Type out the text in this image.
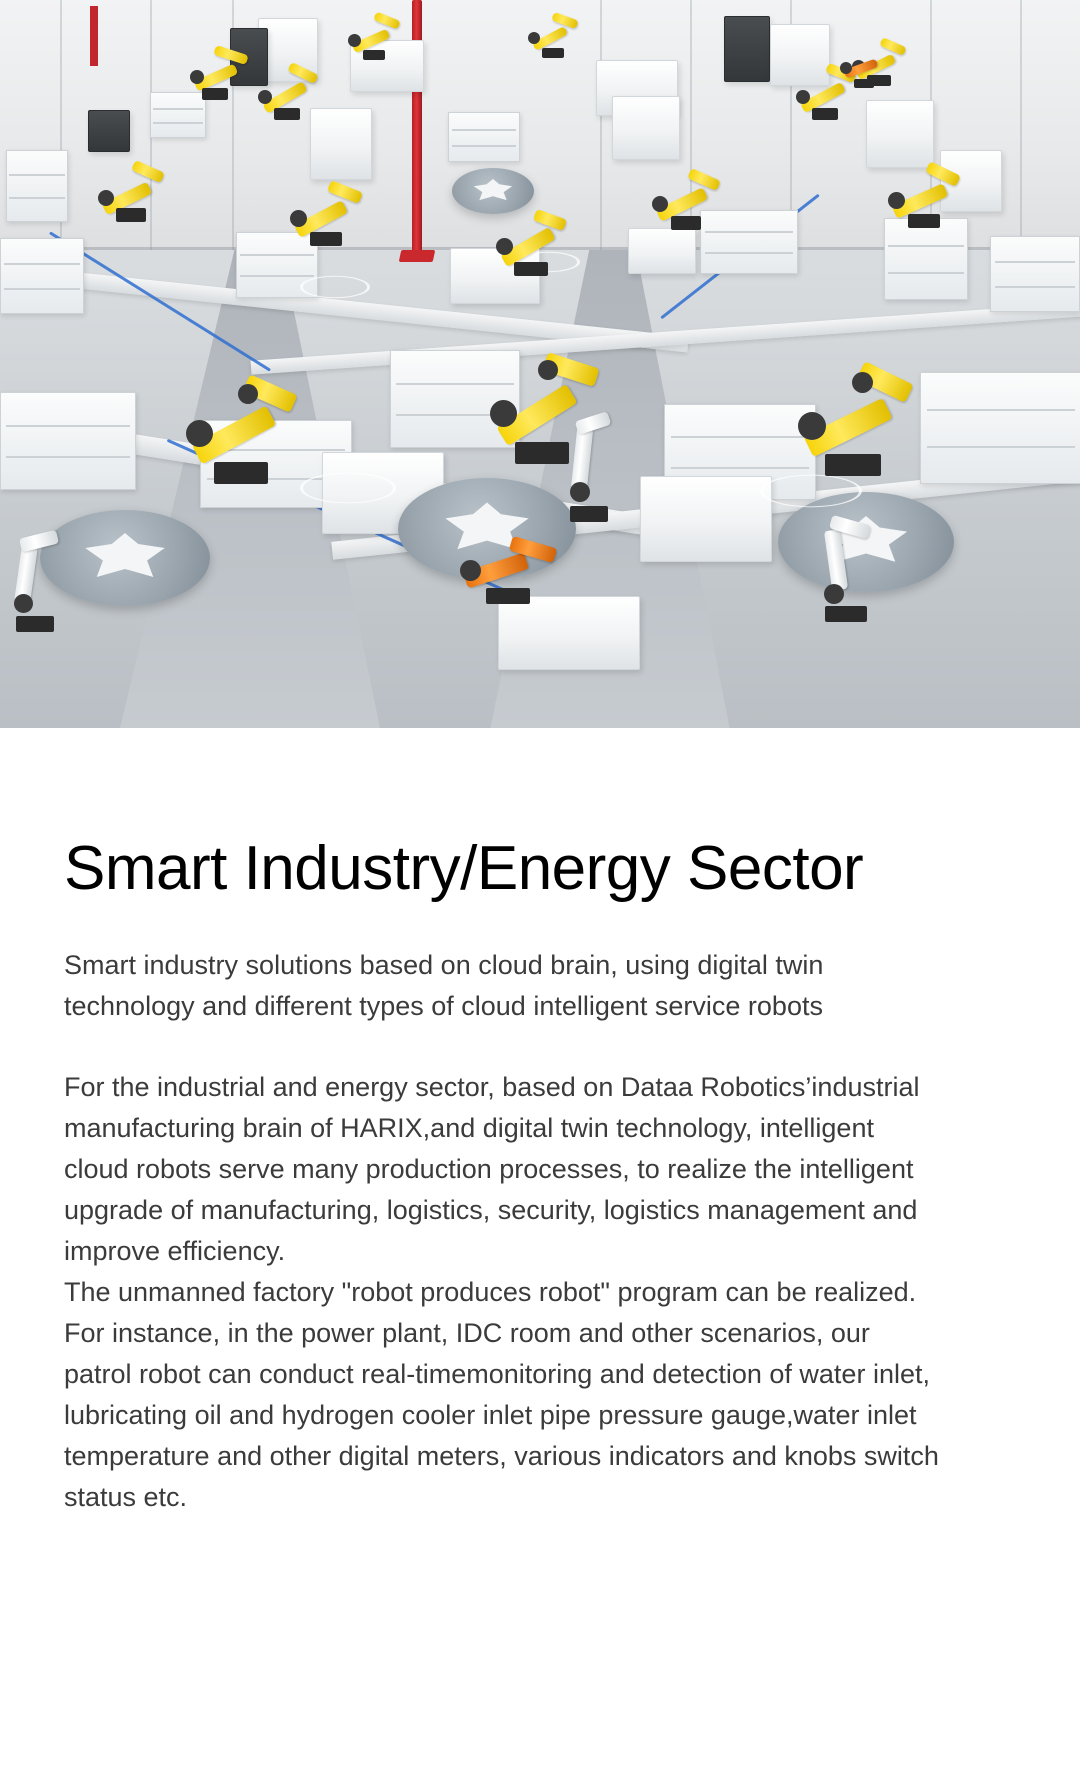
Smart Industry/Energy Sector

Smart industry solutions based on cloud brain, using digital twin technology and different types of cloud intelligent service robots

For the industrial and energy sector, based on Dataa Robotics’industrial manufacturing brain of HARIX,and digital twin technology, intelligent cloud robots serve many production processes, to realize the intelligent upgrade of manufacturing, logistics, security, logistics management and improve efficiency.

The unmanned factory "robot produces robot" program can be realized.

For instance, in the power plant, IDC room and other scenarios, our patrol robot can conduct real-timemonitoring and detection of water inlet, lubricating oil and hydrogen cooler inlet pipe pressure gauge,water inlet temperature and other digital meters, various indicators and knobs switch status etc.
